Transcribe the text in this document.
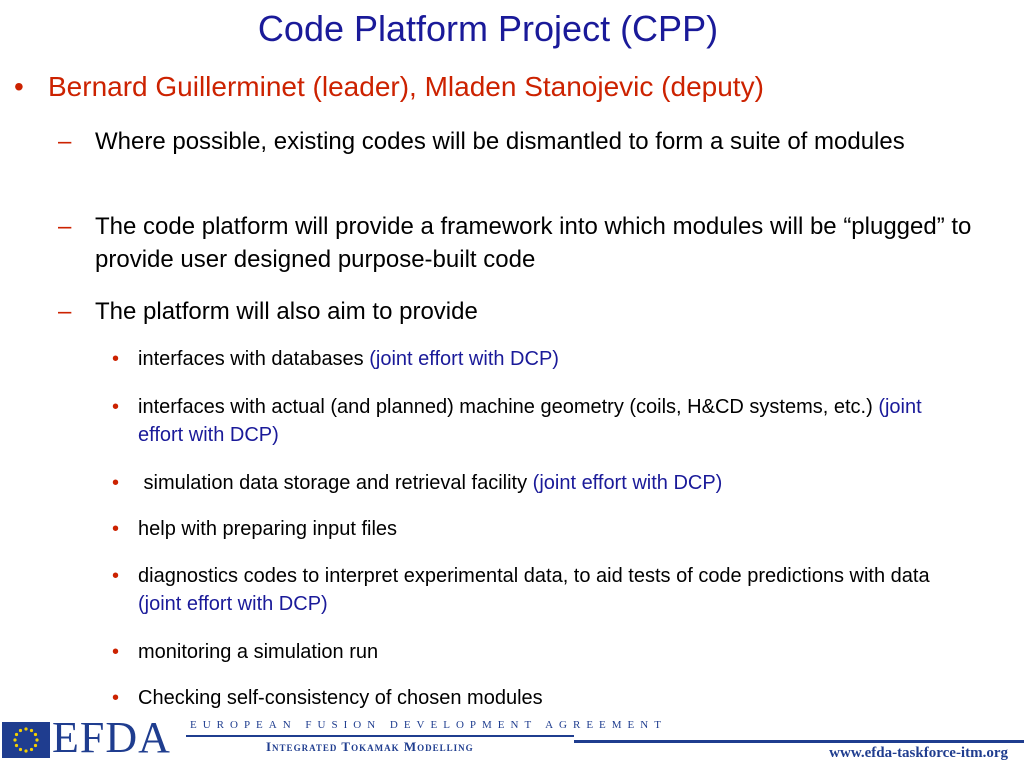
Code Platform Project (CPP)
• Bernard Guillerminet (leader), Mladen Stanojevic (deputy)
– Where possible, existing codes will be dismantled to form a suite of modules
– The code platform will provide a framework into which modules will be “plugged” to provide user designed purpose-built code
– The platform will also aim to provide
• interfaces with databases (joint effort with DCP)
• interfaces with actual (and planned) machine geometry (coils, H&CD systems, etc.) (joint effort with DCP)
• simulation data storage and retrieval facility (joint effort with DCP)
• help with preparing input files
• diagnostics codes to interpret experimental data, to aid tests of code predictions with data (joint effort with DCP)
• monitoring a simulation run
• Checking self-consistency of chosen modules
EFDA EUROPEAN FUSION DEVELOPMENT AGREEMENT
Integrated Tokamak Modelling	www.efda-taskforce-itm.org
